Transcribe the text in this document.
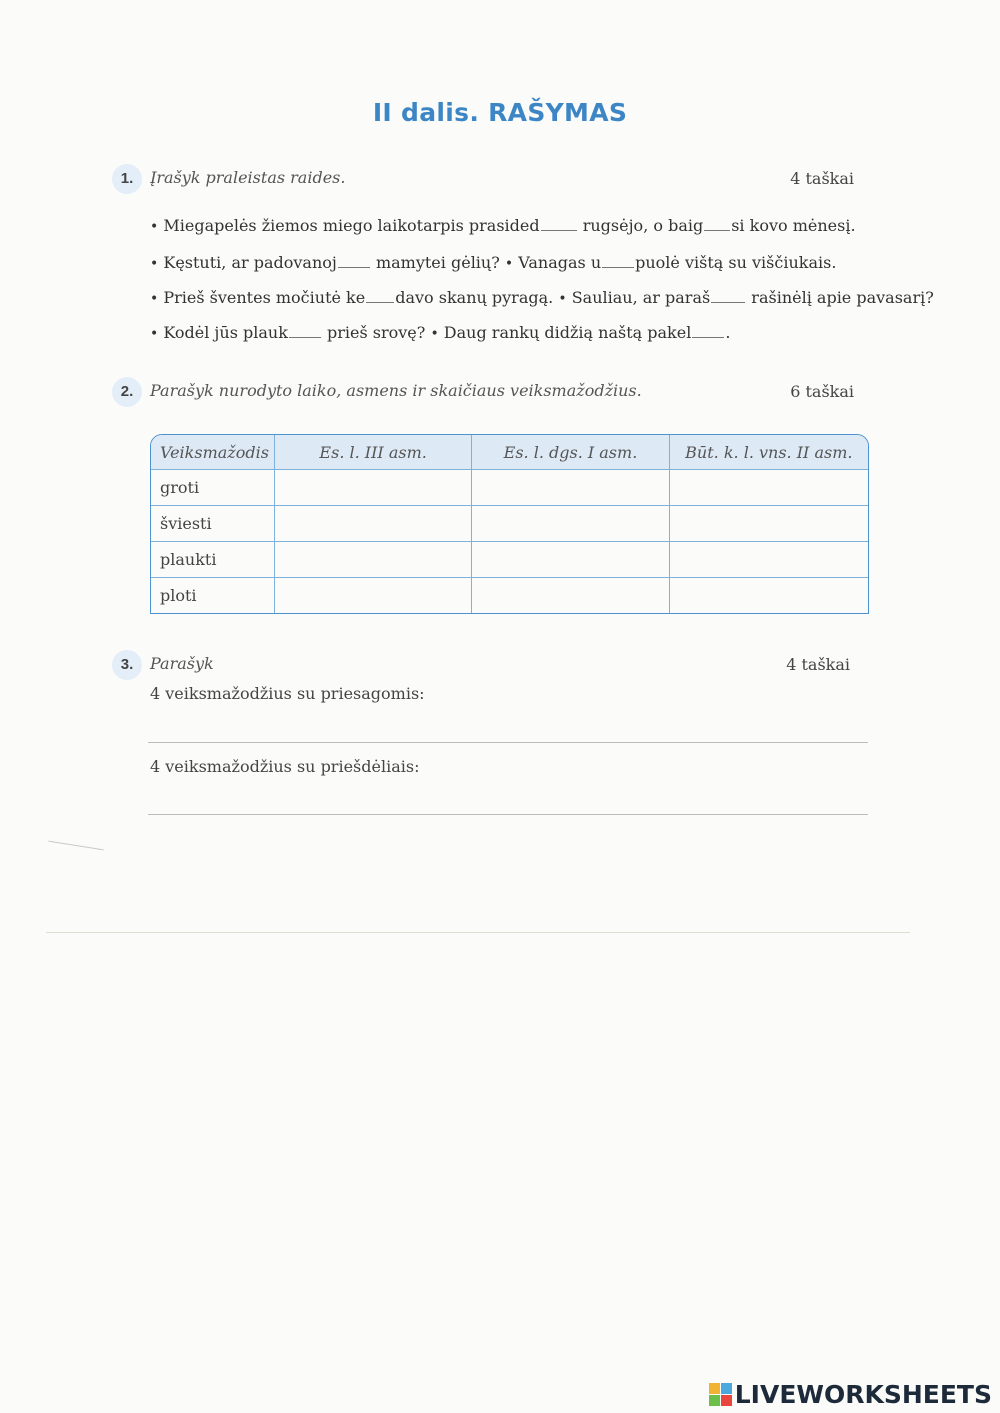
II dalis. RAŠYMAS
1.	Įrašyk praleistas raides.	4 taškai
• Miegapelės žiemos miego laikotarpis prasided	rugsėjo, o baig si kovo mėnesį.
• Kęstuti, ar padovanoj mamytei gėlių? • Vanagas u puolė vištą su viščiukais.
• Prieš šventes močiutė ke davo skanų pyragą. • Sauliau, ar paraš	rašinėlį apie pavasarį?
• Kodėl jūs plauk prieš srovę? • Daug rankų didžią naštą pakel .
2.	Parašyk nurodyto laiko, asmens ir skaičiaus veiksmažodžius.	6 taškai
Veiksmažodis	Es. l. III asm.	Es. l. dgs. I asm.	Būt. k. l. vns. II asm.
groti			
šviesti			
plaukti			
ploti			
3.	Parašyk	4 taškai
4 veiksmažodžius su priesagomis:
4 veiksmažodžius su priešdėliais:
LIVEWORKSHEETS
